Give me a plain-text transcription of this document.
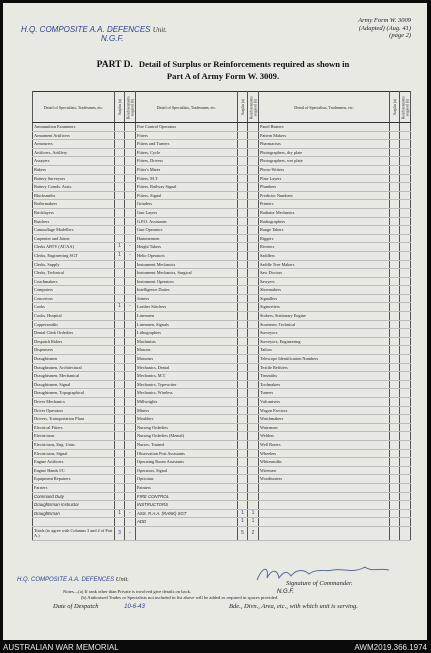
H.Q. COMPOSITE A.A. DEFENCES Unit.
N.G.F.
Army Form W. 3009
(Adapted) (Aug. 41)
(page 2)
PART D. Detail of Surplus or Reinforcements required as shown in
Part A of Army Form W. 3009.
Detail of Specialists, Tradesmen, etc.	Surplus (a)	Reinforcements required (b)	Detail of Specialists, Tradesmen, etc.	Surplus (a)	Reinforcements required (b)	Detail of Specialists, Tradesmen, etc.	Surplus (a)	Reinforcements required (b)
Ammunition Examiners			Fire Control Operators			Panel Beaters		
Armament Artificers			Fitters			Pattern Makers		
Armourers			Fitters and Turners			Pharmacists		
Artificers, Artillery			Fitters, Cycle			Photographers, dry plate		
Assayers			Fitters, Drivers			Photographers, wet plate		
Bakers			Fitter's Mates			Photo-Writers		
Battery Surveyors			Fitters, M.T.			Plate Layers		
Battery Comds. Assts.			Fitters, Railway Signal			Plumbers		
Blacksmiths			Fitters, Signal			Predictor Numbers		
Boilermakers			Grinders			Printers		
Bricklayers			Gun Layers			Radiator Mechanics		
Butchers			G.P.O. Assistants			Radiographers		
Camouflage Modellers			Gun Operators			Range Takers		
Carpenter and Joiner			Hammermen			Riggers		
Clerks ARTY (AT/AA)	1	-	Height Takers			Riveters		
Clerks, Engineering SGT	1	-	Helio Operators			Saddlers		
Clerks, Supply			Instrument Mechanics			Saddle Tree Makers		
Clerks, Technical			Instrument Mechanics, Surgical			Saw Doctors		
Coachmakers			Instrument Operators			Sawyers		
Computers			Intelligence Duties			Shoemakers		
Concretors			Joiners			Signallers		
Cooks	1	-	Leather Stitchers			Signwriters		
Cooks, Hospital			Linesmen			Stokers, Stationary Engine		
Coppersmiths			Linesmen, Signals			Storemen, Technical		
Dental Clerk Orderlies			Lithographers			Surveyors		
Despatch Riders			Machinists			Surveyors, Engineering		
Dispensers			Masons			Tailors		
Draughtsmen			Masseurs			Telescope Identification Numbers		
Draughtsmen, Architectural			Mechanics, Dental			Textile Refitters		
Draughtsmen, Mechanical			Mechanics, M.T.			Tinsmiths		
Draughtsmen, Signal			Mechanics, Typewriter			Toolmakers		
Draughtsmen, Topographical			Mechanics, Wireless			Turners		
Driver Mechanics			Millwrights			Vulcanisers		
Driver Operators			Miners			Wagon Erectors		
Drivers, Transportation Plant			Moulders			Watchmakers		
Electrical Fitters			Nursing Orderlies			Watermen		
Electricians			Nursing Orderlies (Mental)			Welders		
Electricians, Eng. Units			Nurses, Trained			Well Borers		
Electricians, Signal			Observation Post Assistants			Wheelers		
Engine Artificers			Operating Room Assistants			Whitesmiths		
Engine Hands I/C			Operators, Signal			Wiremen		
Equipment Repairers			Opticians			Woodturners		
Farriers			Painters					
Command Duty			FIRE CONTROL					
Draughtsman Instructor			INSTRUCTORS					
Draughtsman	1	-	ASS. R.A.A. (RANK) SGT	1	1			
			ADD	1	1			
Totals (to agree with Columns 3 and 4 of Part A.)	3	-		5	2			
Notes—(a) If rank other than Private is involved give details on back.
(b) Authorised Trades or Specialists not included in list above will be added as required in spaces provided.
H.Q. COMPOSITE A.A. DEFENCES Unit.
N.G.F.
Signature of Commander.
Date of Despatch	10-6-43	Bde., Divn., Area, etc., with which unit is serving.
AUSTRALIAN WAR MEMORIAL	AWM2019.366.1974
